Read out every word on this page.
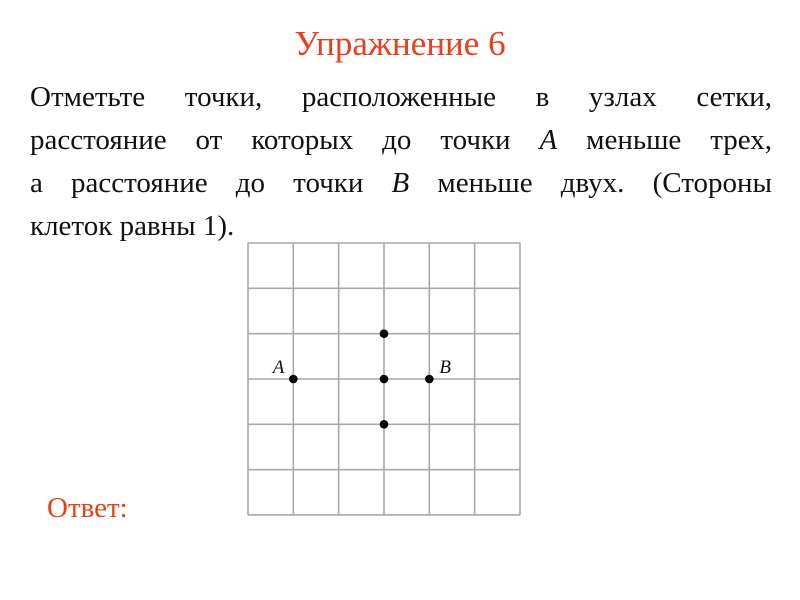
Упражнение 6
Отметьте точки, расположенные в узлах сетки,
расстояние от которых до точки A меньше трех,
а расстояние до точки B меньше двух. (Стороны
клеток равны 1).
A	B
Ответ:
